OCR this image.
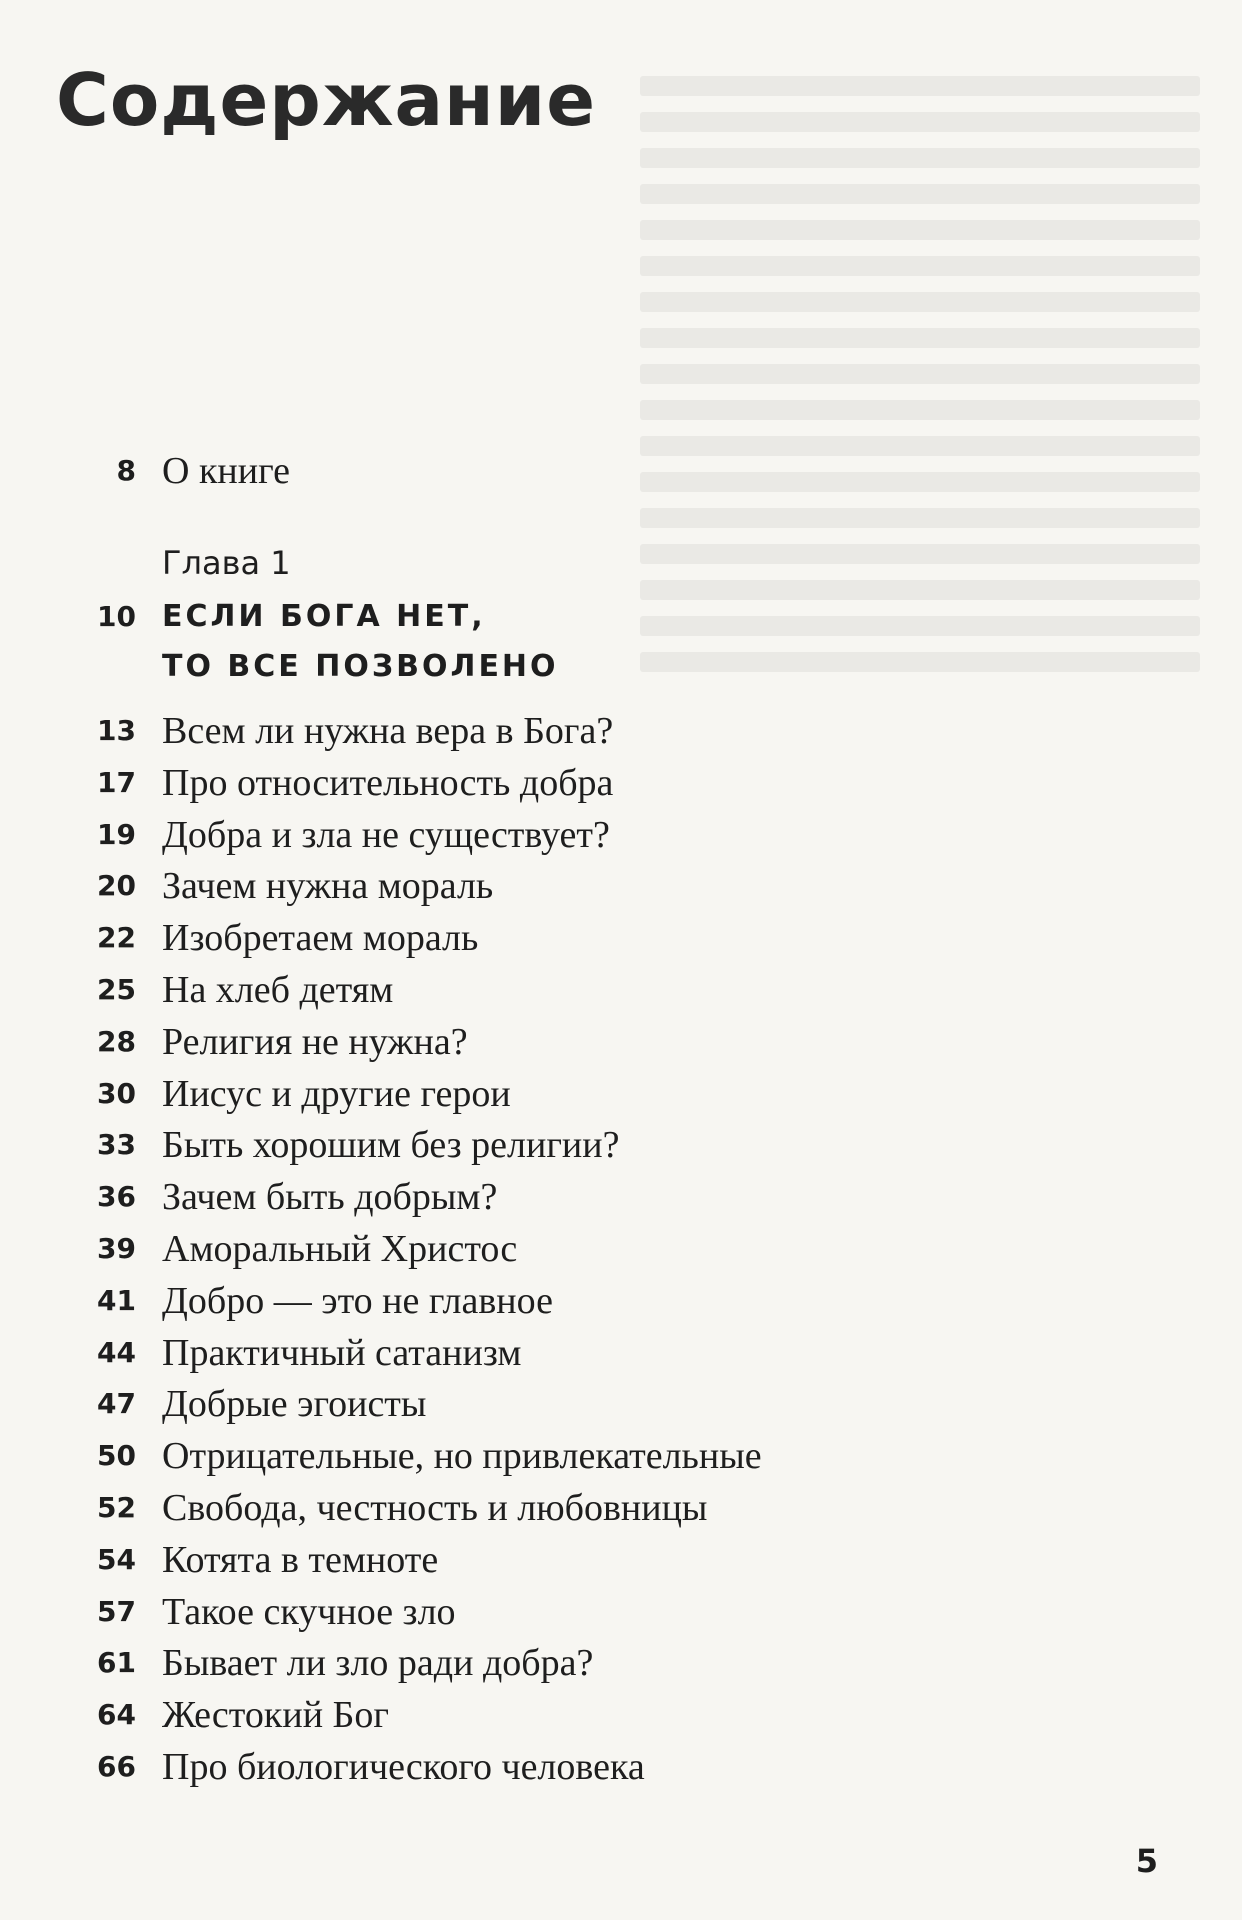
Содержание
8 О книге
Глава 1
10 ЕСЛИ БОГА НЕТ,
ТО ВСЕ ПОЗВОЛЕНО
13 Всем ли нужна вера в Бога?
17 Про относительность добра
19 Добра и зла не существует?
20 Зачем нужна мораль
22 Изобретаем мораль
25 На хлеб детям
28 Религия не нужна?
30 Иисус и другие герои
33 Быть хорошим без религии?
36 Зачем быть добрым?
39 Аморальный Христос
41 Добро — это не главное
44 Практичный сатанизм
47 Добрые эгоисты
50 Отрицательные, но привлекательные
52 Свобода, честность и любовницы
54 Котята в темноте
57 Такое скучное зло
61 Бывает ли зло ради добра?
64 Жестокий Бог
66 Про биологического человека
5
